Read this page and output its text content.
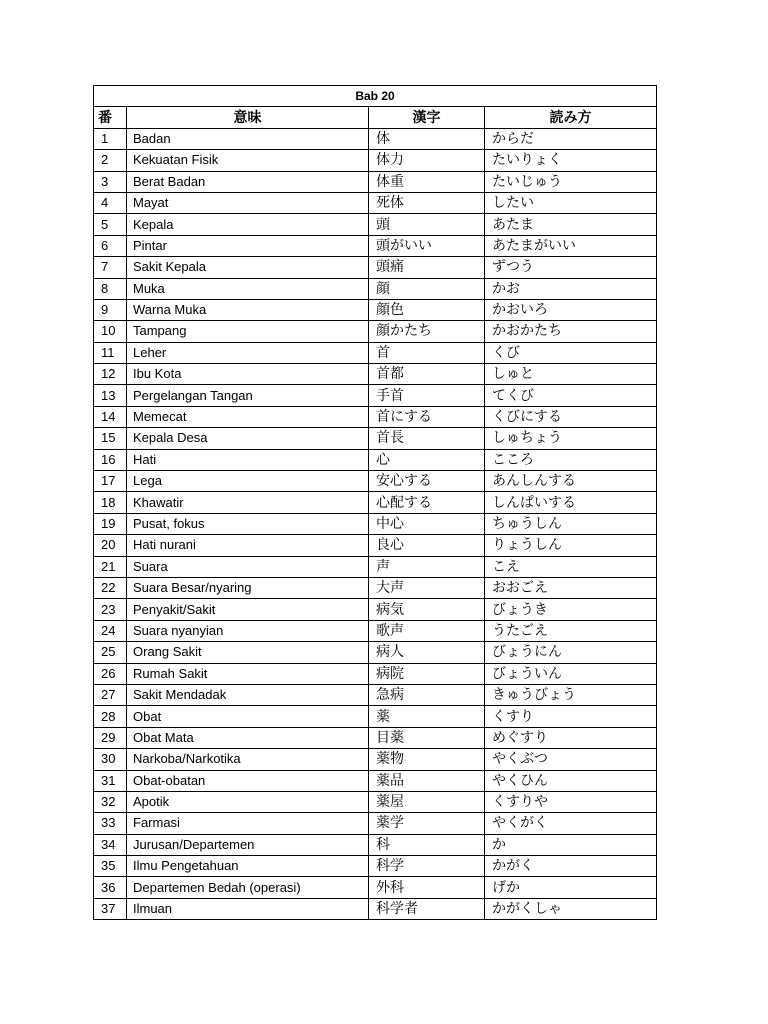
Bab 20			
番	意味	漢字	読み方
1	Badan	体	からだ
2	Kekuatan Fisik	体力	たいりょく
3	Berat Badan	体重	たいじゅう
4	Mayat	死体	したい
5	Kepala	頭	あたま
6	Pintar	頭がいい	あたまがいい
7	Sakit Kepala	頭痛	ずつう
8	Muka	顔	かお
9	Warna Muka	顔色	かおいろ
10	Tampang	顔かたち	かおかたち
11	Leher	首	くび
12	Ibu Kota	首都	しゅと
13	Pergelangan Tangan	手首	てくび
14	Memecat	首にする	くびにする
15	Kepala Desa	首長	しゅちょう
16	Hati	心	こころ
17	Lega	安心する	あんしんする
18	Khawatir	心配する	しんぱいする
19	Pusat, fokus	中心	ちゅうしん
20	Hati nurani	良心	りょうしん
21	Suara	声	こえ
22	Suara Besar/nyaring	大声	おおごえ
23	Penyakit/Sakit	病気	びょうき
24	Suara nyanyian	歌声	うたごえ
25	Orang Sakit	病人	びょうにん
26	Rumah Sakit	病院	びょういん
27	Sakit Mendadak	急病	きゅうびょう
28	Obat	薬	くすり
29	Obat Mata	目薬	めぐすり
30	Narkoba/Narkotika	薬物	やくぶつ
31	Obat-obatan	薬品	やくひん
32	Apotik	薬屋	くすりや
33	Farmasi	薬学	やくがく
34	Jurusan/Departemen	科	か
35	Ilmu Pengetahuan	科学	かがく
36	Departemen Bedah (operasi)	外科	げか
37	Ilmuan	科学者	かがくしゃ
